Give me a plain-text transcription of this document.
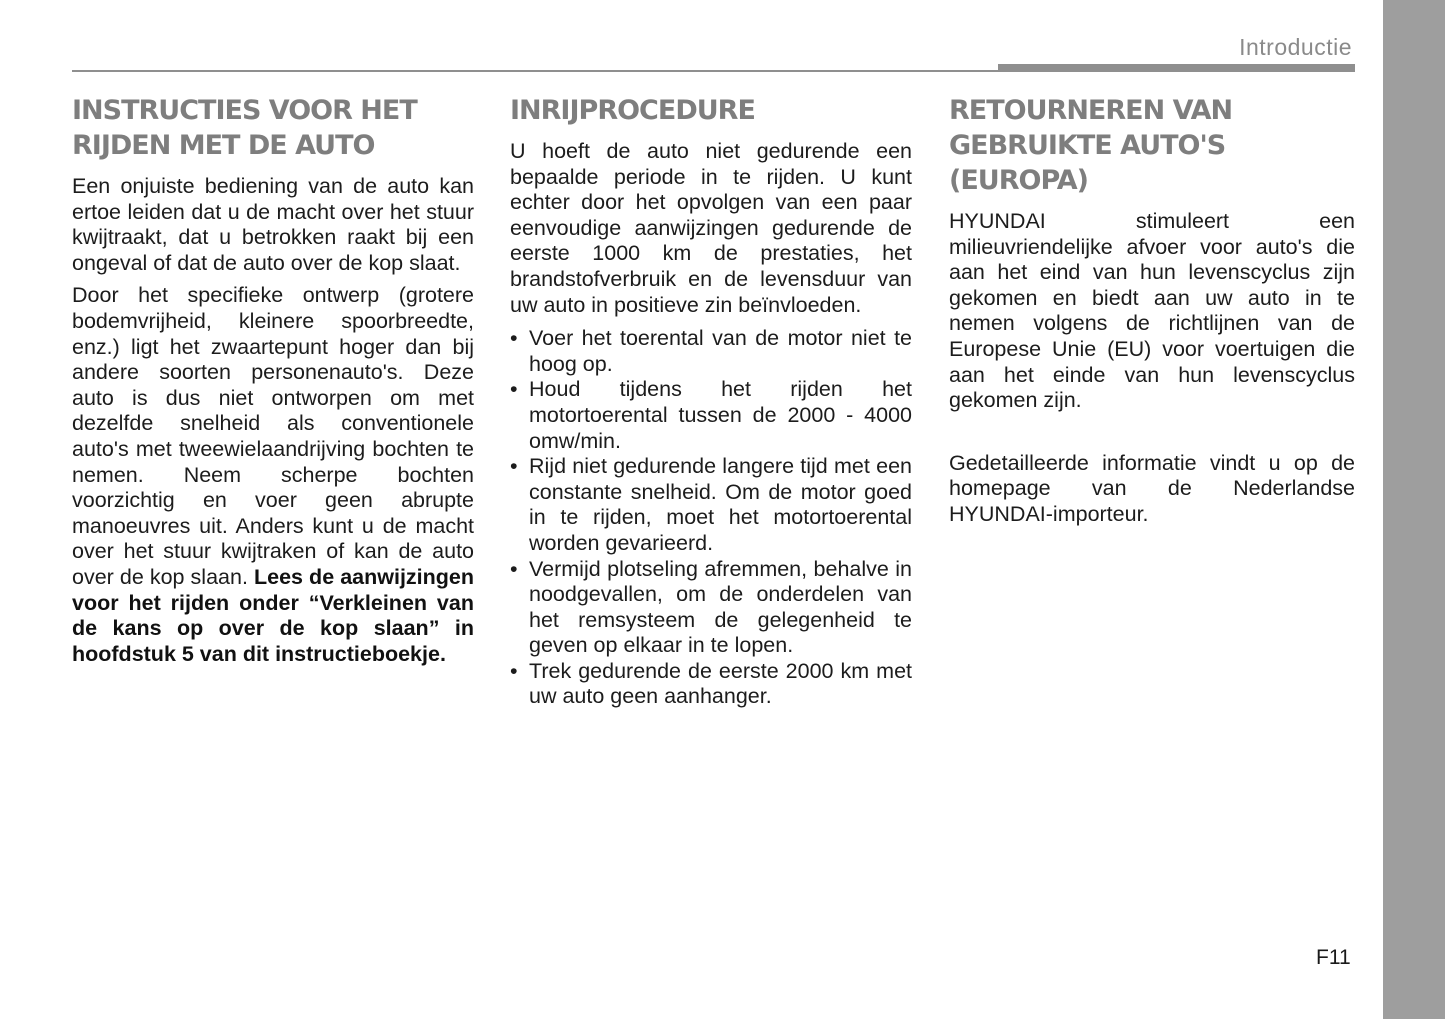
Introductie
INSTRUCTIES VOOR HET
RIJDEN MET DE AUTO

Een onjuiste bediening van de auto kan ertoe leiden dat u de macht over het stuur kwijtraakt, dat u betrokken raakt bij een ongeval of dat de auto over de kop slaat.

Door het specifieke ontwerp (grotere bodemvrijheid, kleinere spoorbreedte, enz.) ligt het zwaartepunt hoger dan bij andere soorten personenauto's. Deze auto is dus niet ontworpen om met dezelfde snelheid als conventionele auto's met tweewielaandrijving bochten te nemen. Neem scherpe bochten voorzichtig en voer geen abrupte manoeuvres uit. Anders kunt u de macht over het stuur kwijtraken of kan de auto over de kop slaan. Lees de aanwijzingen voor het rijden onder “Verkleinen van de kans op over de kop slaan” in hoofdstuk 5 van dit instructieboekje.

INRIJPROCEDURE

U hoeft de auto niet gedurende een bepaalde periode in te rijden. U kunt echter door het opvolgen van een paar eenvoudige aanwijzingen gedurende de eerste 1000 km de prestaties, het brandstofverbruik en de levensduur van uw auto in positieve zin beïnvloeden.

• Voer het toerental van de motor niet te hoog op.
• Houd tijdens het rijden het motortoerental tussen de 2000 - 4000 omw/min.
• Rijd niet gedurende langere tijd met een constante snelheid. Om de motor goed in te rijden, moet het motortoerental worden gevarieerd.
• Vermijd plotseling afremmen, behalve in noodgevallen, om de onderdelen van het remsysteem de gelegenheid te geven op elkaar in te lopen.
• Trek gedurende de eerste 2000 km met uw auto geen aanhanger.
RETOURNEREN VAN
GEBRUIKTE AUTO'S (EUROPA)

HYUNDAI stimuleert een milieuvriendelijke afvoer voor auto's die aan het eind van hun levenscyclus zijn gekomen en biedt aan uw auto in te nemen volgens de richtlijnen van de Europese Unie (EU) voor voertuigen die aan het einde van hun levenscyclus gekomen zijn.

Gedetailleerde informatie vindt u op de homepage van de Nederlandse HYUNDAI-importeur.

F11
